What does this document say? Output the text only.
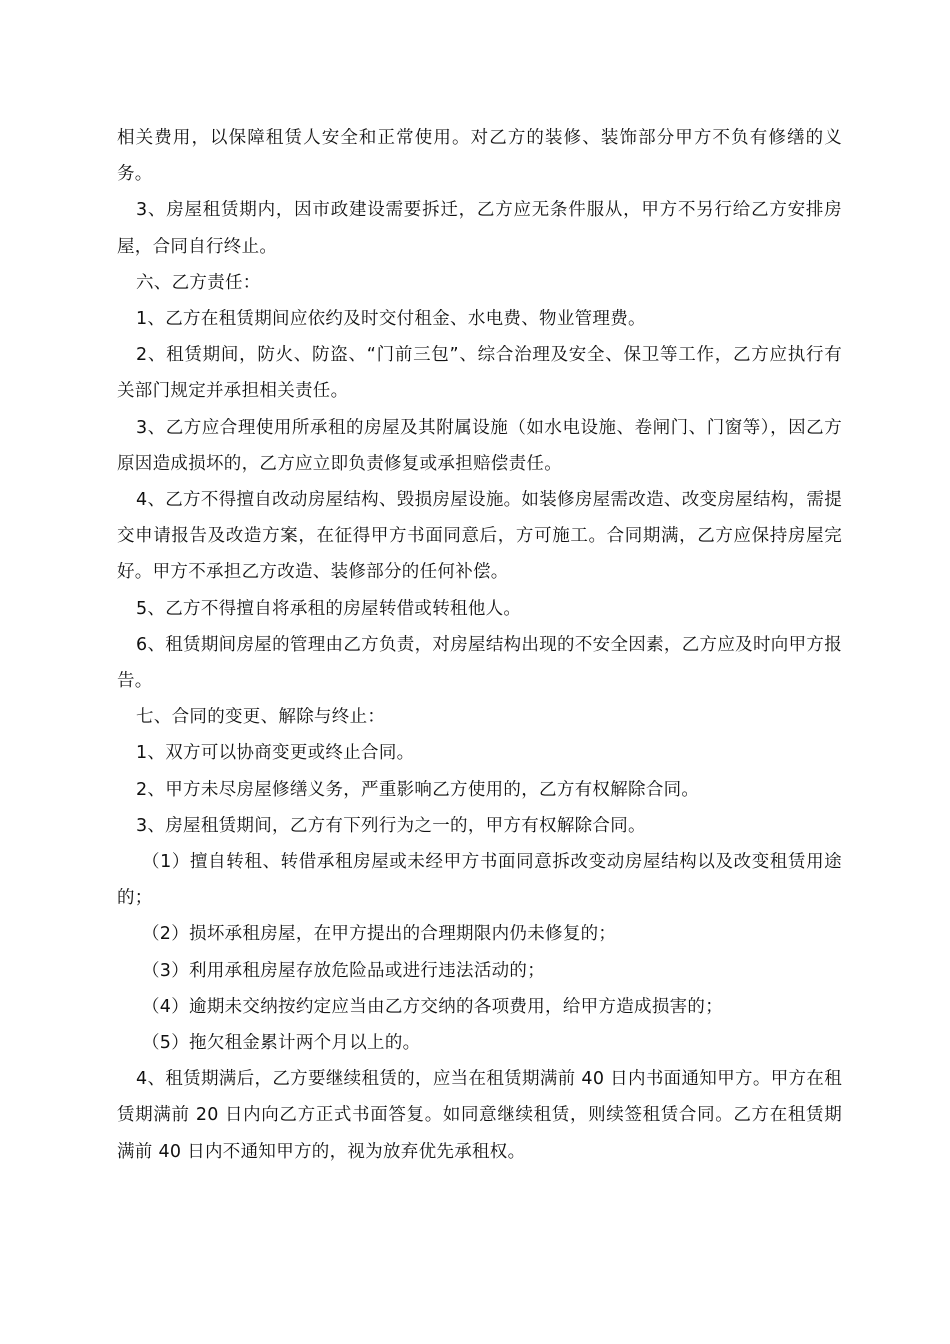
相关费用，以保障租赁人安全和正常使用。对乙方的装修、装饰部分甲方不负有修缮的义务。

3、房屋租赁期内，因市政建设需要拆迁，乙方应无条件服从，甲方不另行给乙方安排房屋，合同自行终止。

六、乙方责任：

1、乙方在租赁期间应依约及时交付租金、水电费、物业管理费。

2、租赁期间，防火、防盗、“门前三包”、综合治理及安全、保卫等工作，乙方应执行有关部门规定并承担相关责任。

3、乙方应合理使用所承租的房屋及其附属设施（如水电设施、卷闸门、门窗等），因乙方原因造成损坏的，乙方应立即负责修复或承担赔偿责任。

4、乙方不得擅自改动房屋结构、毁损房屋设施。如装修房屋需改造、改变房屋结构，需提交申请报告及改造方案，在征得甲方书面同意后，方可施工。合同期满，乙方应保持房屋完好。甲方不承担乙方改造、装修部分的任何补偿。

5、乙方不得擅自将承租的房屋转借或转租他人。

6、租赁期间房屋的管理由乙方负责，对房屋结构出现的不安全因素，乙方应及时向甲方报告。

七、合同的变更、解除与终止：

1、双方可以协商变更或终止合同。

2、甲方未尽房屋修缮义务，严重影响乙方使用的，乙方有权解除合同。

3、房屋租赁期间，乙方有下列行为之一的，甲方有权解除合同。

（1）擅自转租、转借承租房屋或未经甲方书面同意拆改变动房屋结构以及改变租赁用途的；

（2）损坏承租房屋，在甲方提出的合理期限内仍未修复的；

（3）利用承租房屋存放危险品或进行违法活动的；

（4）逾期未交纳按约定应当由乙方交纳的各项费用，给甲方造成损害的；

（5）拖欠租金累计两个月以上的。

4、租赁期满后，乙方要继续租赁的，应当在租赁期满前 40 日内书面通知甲方。甲方在租赁期满前 20 日内向乙方正式书面答复。如同意继续租赁，则续签租赁合同。乙方在租赁期满前 40 日内不通知甲方的，视为放弃优先承租权。
